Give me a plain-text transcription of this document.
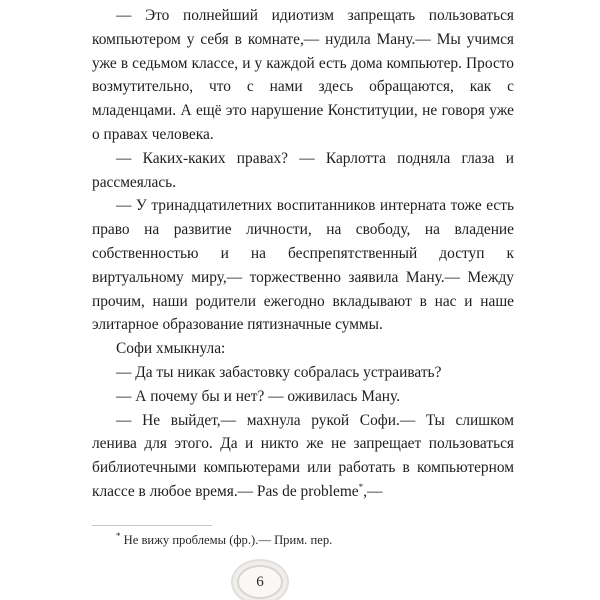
— Это полнейший идиотизм запрещать пользоваться компьютером у себя в комнате,— нудила Ману.— Мы учимся уже в седьмом классе, и у каждой есть дома компьютер. Просто возмутительно, что с нами здесь обращаются, как с младенцами. А ещё это нарушение Конституции, не говоря уже о правах человека.

— Каких-каких правах? — Карлотта подняла глаза и рассмеялась.

— У тринадцатилетних воспитанников интерната тоже есть право на развитие личности, на свободу, на владение собственностью и на беспрепятственный доступ к виртуальному миру,— торжественно заявила Ману.— Между прочим, наши родители ежегодно вкладывают в нас и наше элитарное образование пятизначные суммы.

Софи хмыкнула:

— Да ты никак забастовку собралась устраивать?

— А почему бы и нет? — оживилась Ману.

— Не выйдет,— махнула рукой Софи.— Ты слишком ленива для этого. Да и никто же не запрещает пользоваться библиотечными компьютерами или работать в компьютерном классе в любое время.— Pas de probleme*,—

* Не вижу проблемы (фр.).— Прим. пер.
6
